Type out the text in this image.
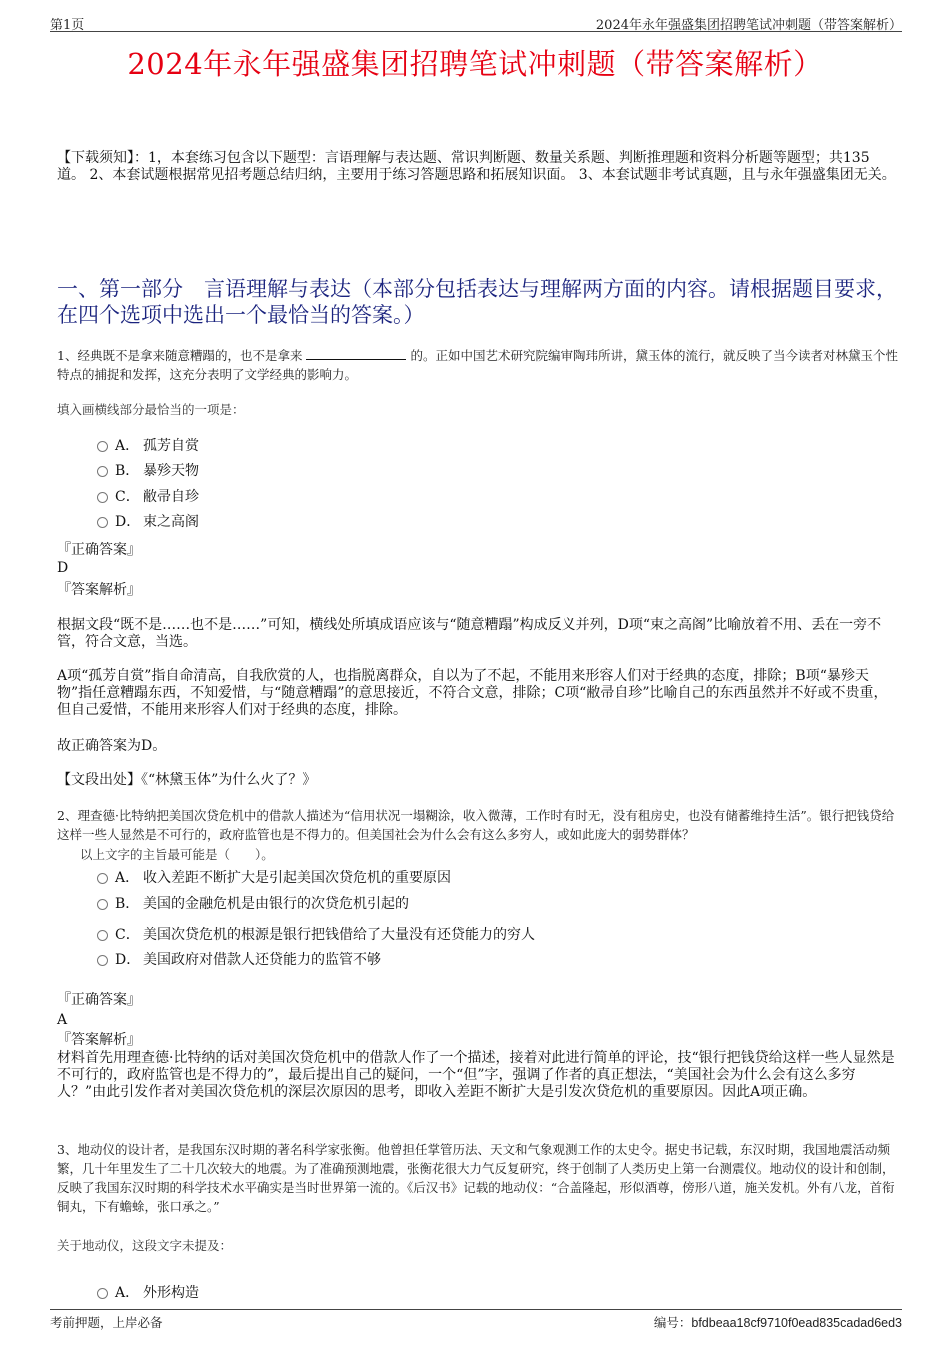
第1页	2024年永年强盛集团招聘笔试冲刺题（带答案解析）
2024年永年强盛集团招聘笔试冲刺题（带答案解析）
【下载须知】：1，本套练习包含以下题型：言语理解与表达题、常识判断题、数量关系题、判断推理题和资料分析题等题型；共135道。 2、本套试题根据常见招考题总结归纳，主要用于练习答题思路和拓展知识面。 3、本套试题非考试真题，且与永年强盛集团无关。
一、第一部分　言语理解与表达（本部分包括表达与理解两方面的内容。请根据题目要求，在四个选项中选出一个最恰当的答案。）
1、经典既不是拿来随意糟蹋的，也不是拿来	的。正如中国艺术研究院编审陶玮所讲，黛玉体的流行，就反映了当今读者对林黛玉个性特点的捕捉和发挥，这充分表明了文学经典的影响力。
填入画横线部分最恰当的一项是：
A． 孤芳自赏
B． 暴殄天物
C． 敝帚自珍
D． 束之高阁
『正确答案』
D
『答案解析』
根据文段“既不是……也不是……”可知，横线处所填成语应该与“随意糟蹋”构成反义并列，D项“束之高阁”比喻放着不用、丢在一旁不管，符合文意，当选。
A项“孤芳自赏”指自命清高，自我欣赏的人，也指脱离群众，自以为了不起，不能用来形容人们对于经典的态度，排除；B项“暴殄天物”指任意糟蹋东西，不知爱惜，与“随意糟蹋”的意思接近，不符合文意，排除；C项“敝帚自珍”比喻自己的东西虽然并不好或不贵重，但自己爱惜，不能用来形容人们对于经典的态度，排除。
故正确答案为D。
【文段出处】《“林黛玉体”为什么火了？》
2、理查德·比特纳把美国次贷危机中的借款人描述为“信用状况一塌糊涂，收入微薄，工作时有时无，没有租房史，也没有储蓄维持生活”。银行把钱贷给这样一些人显然是不可行的，政府监管也是不得力的。但美国社会为什么会有这么多穷人，或如此庞大的弱势群体？
以上文字的主旨最可能是（　　）。
A． 收入差距不断扩大是引起美国次贷危机的重要原因
B． 美国的金融危机是由银行的次贷危机引起的
C． 美国次贷危机的根源是银行把钱借给了大量没有还贷能力的穷人
D． 美国政府对借款人还贷能力的监管不够
『正确答案』
A
『答案解析』
材料首先用理查德·比特纳的话对美国次贷危机中的借款人作了一个描述，接着对此进行简单的评论，技“银行把钱贷给这样一些人显然是不可行的，政府监管也是不得力的”，最后提出自己的疑问，一个“但”字，强调了作者的真正想法，“美国社会为什么会有这么多穷人？”由此引发作者对美国次贷危机的深层次原因的思考，即收入差距不断扩大是引发次贷危机的重要原因。因此A项正确。
3、地动仪的设计者，是我国东汉时期的著名科学家张衡。他曾担任掌管历法、天文和气象观测工作的太史令。据史书记载，东汉时期，我国地震活动频繁，几十年里发生了二十几次较大的地震。为了准确预测地震，张衡花很大力气反复研究，终于创制了人类历史上第一台测震仪。地动仪的设计和创制，反映了我国东汉时期的科学技术水平确实是当时世界第一流的。《后汉书》记载的地动仪：“合盖隆起，形似酒尊，傍形八道，施关发机。外有八龙，首衔铜丸，下有蟾蜍，张口承之。”
关于地动仪，这段文字未提及：
A． 外形构造
考前押题，上岸必备	编号：bfdbeaa18cf9710f0ead835cadad6ed3
